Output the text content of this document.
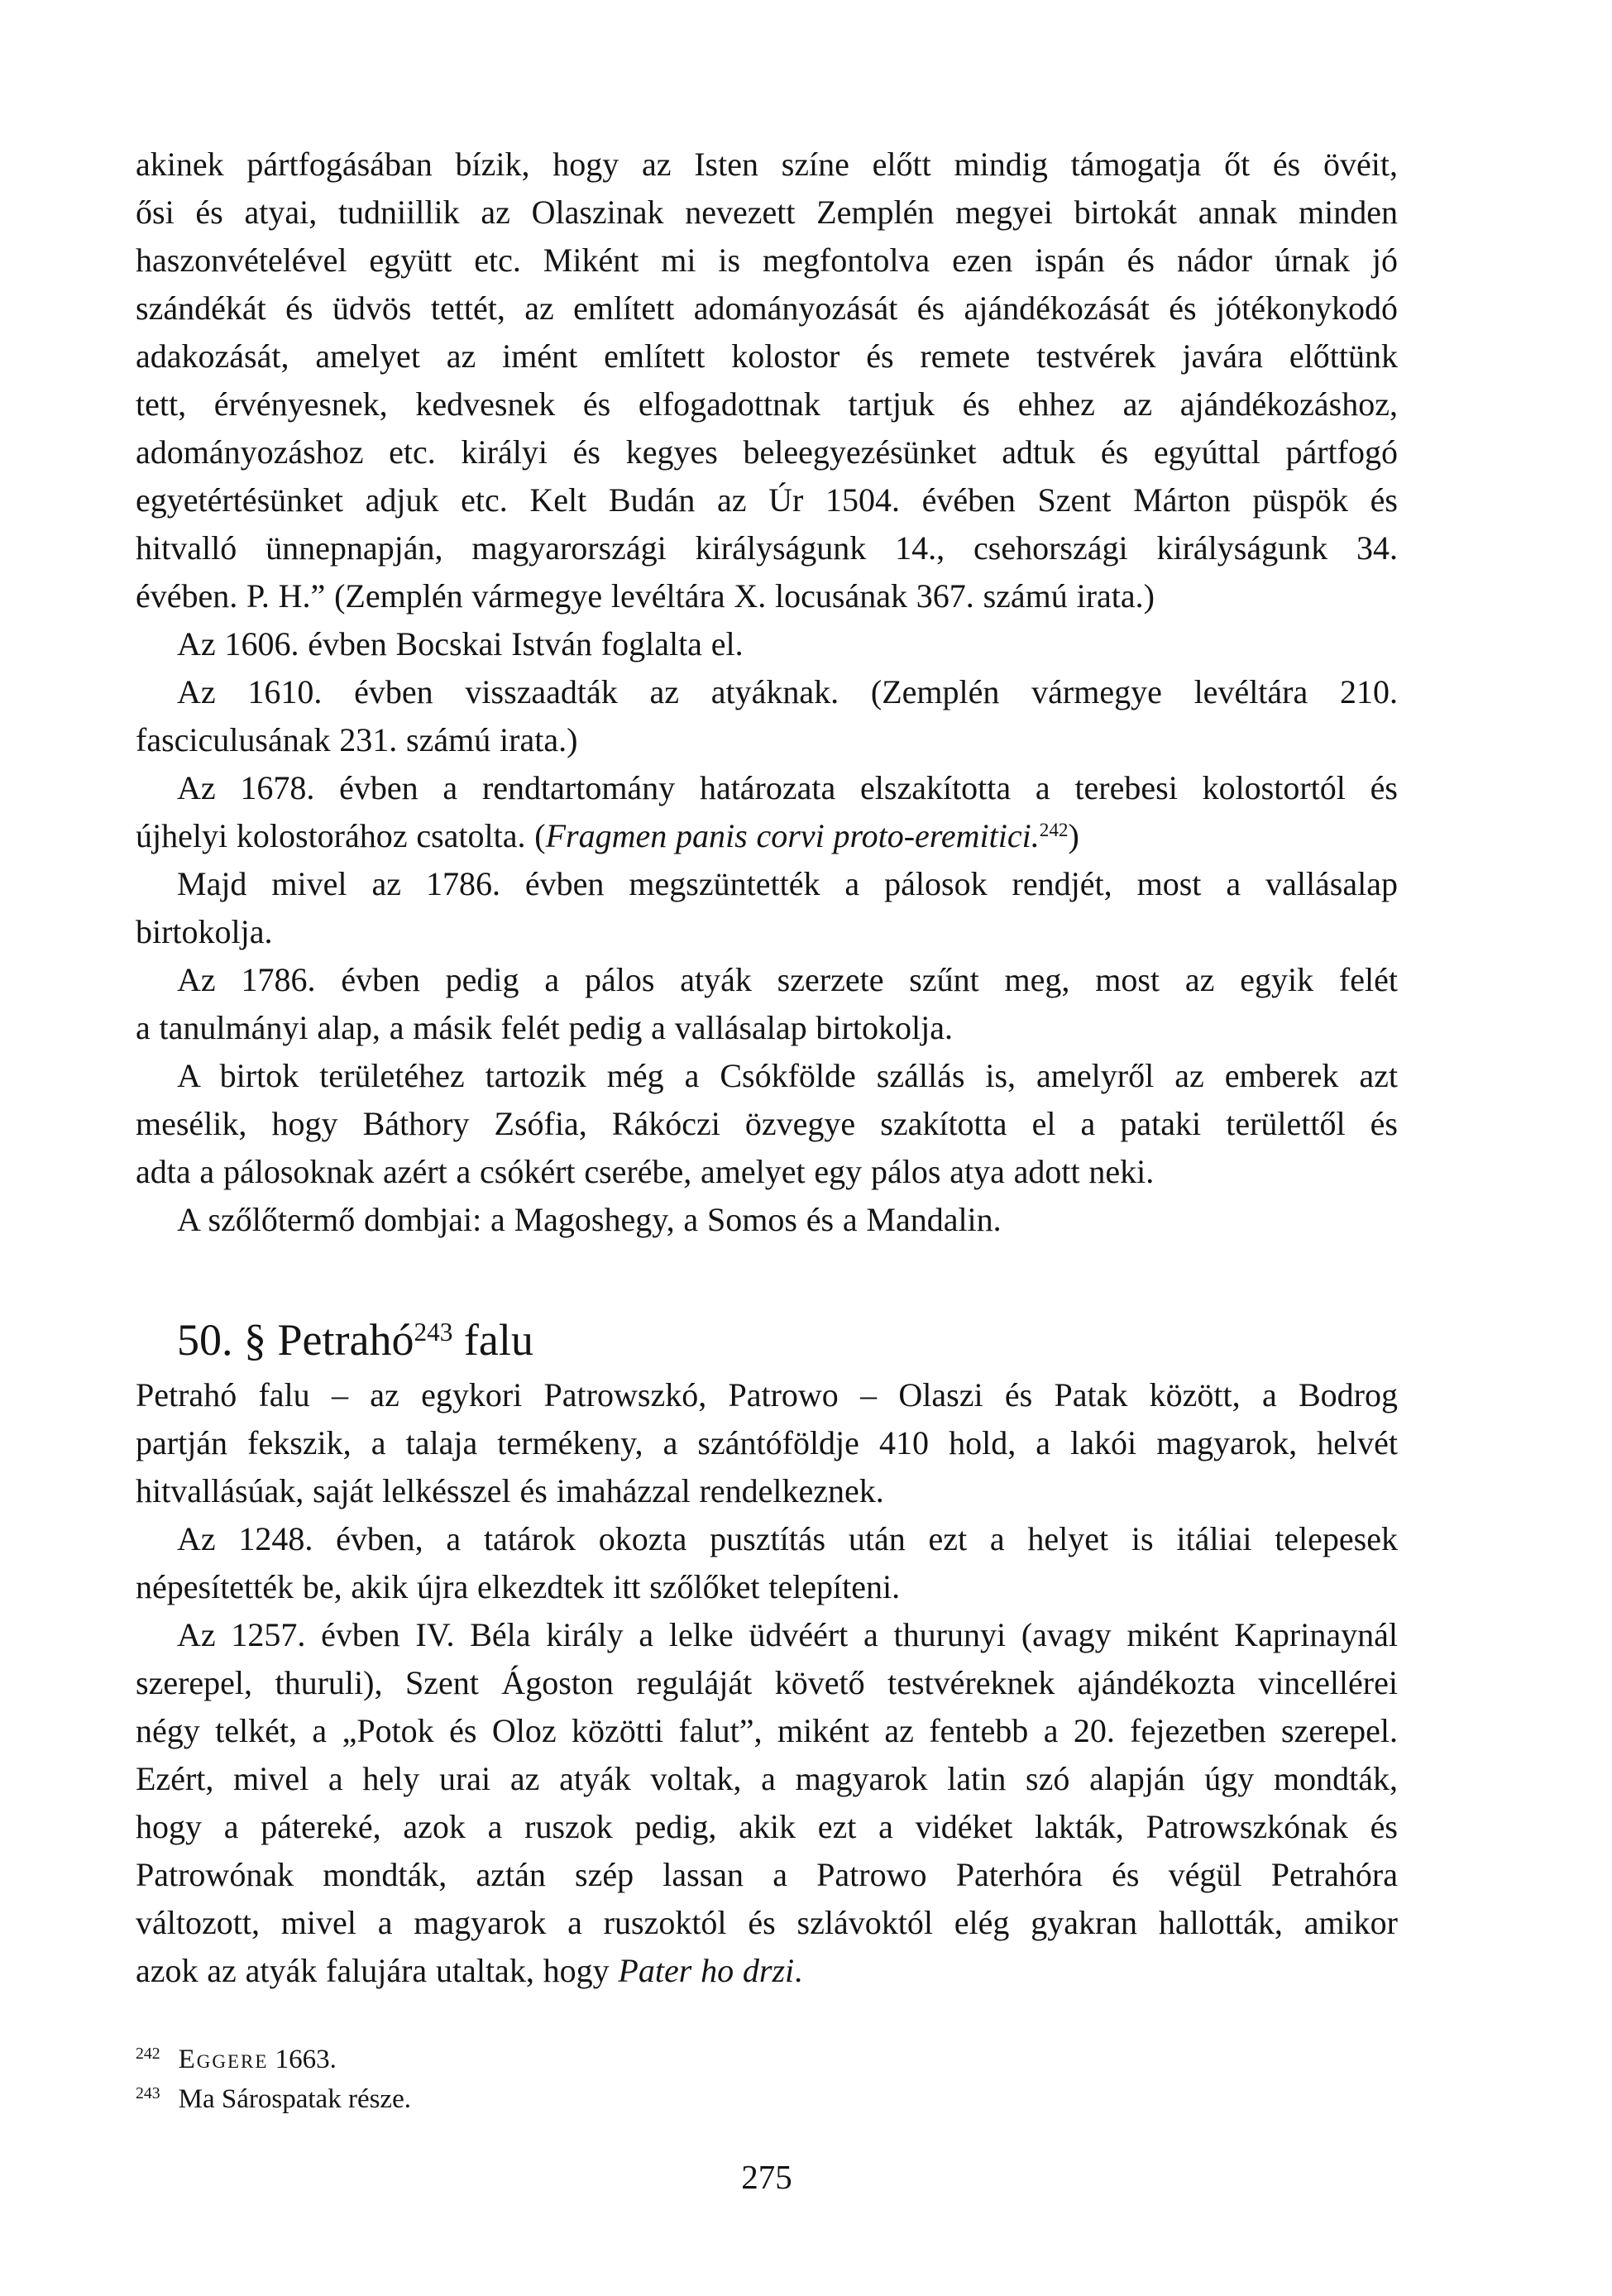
akinek pártfogásában bízik, hogy az Isten színe előtt mindig támogatja őt és övéit,
ősi és atyai, tudniillik az Olaszinak nevezett Zemplén megyei birtokát annak minden
haszonvételével együtt etc. Miként mi is megfontolva ezen ispán és nádor úrnak jó
szándékát és üdvös tettét, az említett adományozását és ajándékozását és jótékonykodó
adakozását, amelyet az imént említett kolostor és remete testvérek javára előttünk
tett, érvényesnek, kedvesnek és elfogadottnak tartjuk és ehhez az ajándékozáshoz,
adományozáshoz etc. királyi és kegyes beleegyezésünket adtuk és egyúttal pártfogó
egyetértésünket adjuk etc. Kelt Budán az Úr 1504. évében Szent Márton püspök és
hitvalló ünnepnapján, magyarországi királyságunk 14., csehországi királyságunk 34.
évében. P. H.” (Zemplén vármegye levéltára X. locusának 367. számú irata.)
Az 1606. évben Bocskai István foglalta el.
Az 1610. évben visszaadták az atyáknak. (Zemplén vármegye levéltára 210.
fasciculusának 231. számú irata.)
Az 1678. évben a rendtartomány határozata elszakította a terebesi kolostortól és
újhelyi kolostorához csatolta. (Fragmen panis corvi proto-eremitici.$^{242}$)
Majd mivel az 1786. évben megszüntették a pálosok rendjét, most a vallásalap
birtokolja.
Az 1786. évben pedig a pálos atyák szerzete szűnt meg, most az egyik felét
a tanulmányi alap, a másik felét pedig a vallásalap birtokolja.
A birtok területéhez tartozik még a Csókfölde szállás is, amelyről az emberek azt
mesélik, hogy Báthory Zsófia, Rákóczi özvegye szakította el a pataki területtől és
adta a pálosoknak azért a csókért cserébe, amelyet egy pálos atya adott neki.
A szőlőtermő dombjai: a Magoshegy, a Somos és a Mandalin.
50. § Petrahó$^{243}$ falu
Petrahó falu – az egykori Patrowszkó, Patrowo – Olaszi és Patak között, a Bodrog
partján fekszik, a talaja termékeny, a szántóföldje 410 hold, a lakói magyarok, helvét
hitvallásúak, saját lelkésszel és imaházzal rendelkeznek.
Az 1248. évben, a tatárok okozta pusztítás után ezt a helyet is itáliai telepesek
népesítették be, akik újra elkezdtek itt szőlőket telepíteni.
Az 1257. évben IV. Béla király a lelke üdvéért a thurunyi (avagy miként Kaprinaynál
szerepel, thuruli), Szent Ágoston reguláját követő testvéreknek ajándékozta vincellérei
négy telkét, a „Potok és Oloz közötti falut”, miként az fentebb a 20. fejezetben szerepel.
Ezért, mivel a hely urai az atyák voltak, a magyarok latin szó alapján úgy mondták,
hogy a pátereké, azok a ruszok pedig, akik ezt a vidéket lakták, Patrowszkónak és
Patrowónak mondták, aztán szép lassan a Patrowo Paterhóra és végül Petrahóra
változott, mivel a magyarok a ruszoktól és szlávoktól elég gyakran hallották, amikor
azok az atyák falujára utaltak, hogy Pater ho drzi.
$^{242}$ Eggere 1663.
$^{243}$ Ma Sárospatak része.
275
